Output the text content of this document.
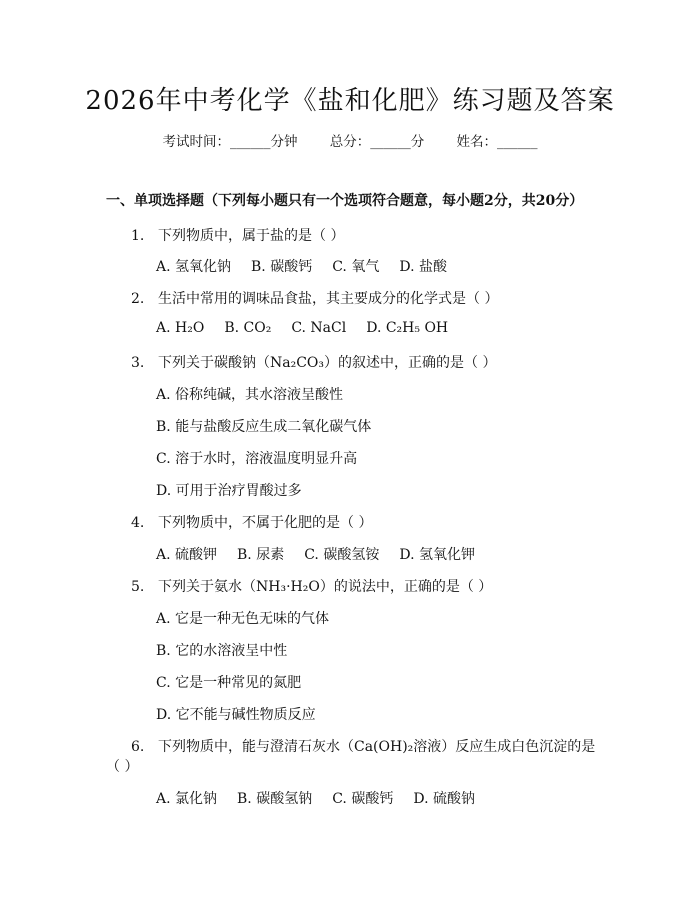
2026年中考化学《盐和化肥》练习题及答案
考试时间：______分钟 总分：______分 姓名：______
一、单项选择题（下列每小题只有一个选项符合题意，每小题2分，共20分）
1. 下列物质中，属于盐的是（ ）
A. 氢氧化钠 B. 碳酸钙 C. 氧气 D. 盐酸
2. 生活中常用的调味品食盐，其主要成分的化学式是（ ）
A. H₂O B. CO₂ C. NaCl D. C₂H₅ OH
3. 下列关于碳酸钠（Na₂CO₃）的叙述中，正确的是（ ）
A. 俗称纯碱，其水溶液呈酸性
B. 能与盐酸反应生成二氧化碳气体
C. 溶于水时，溶液温度明显升高
D. 可用于治疗胃酸过多
4. 下列物质中，不属于化肥的是（ ）
A. 硫酸钾 B. 尿素 C. 碳酸氢铵 D. 氢氧化钾
5. 下列关于氨水（NH₃·H₂O）的说法中，正确的是（ ）
A. 它是一种无色无味的气体
B. 它的水溶液呈中性
C. 它是一种常见的氮肥
D. 它不能与碱性物质反应
6. 下列物质中，能与澄清石灰水（Ca(OH)₂溶液）反应生成白色沉淀的是
（ ）
A. 氯化钠 B. 碳酸氢钠 C. 碳酸钙 D. 硫酸钠
